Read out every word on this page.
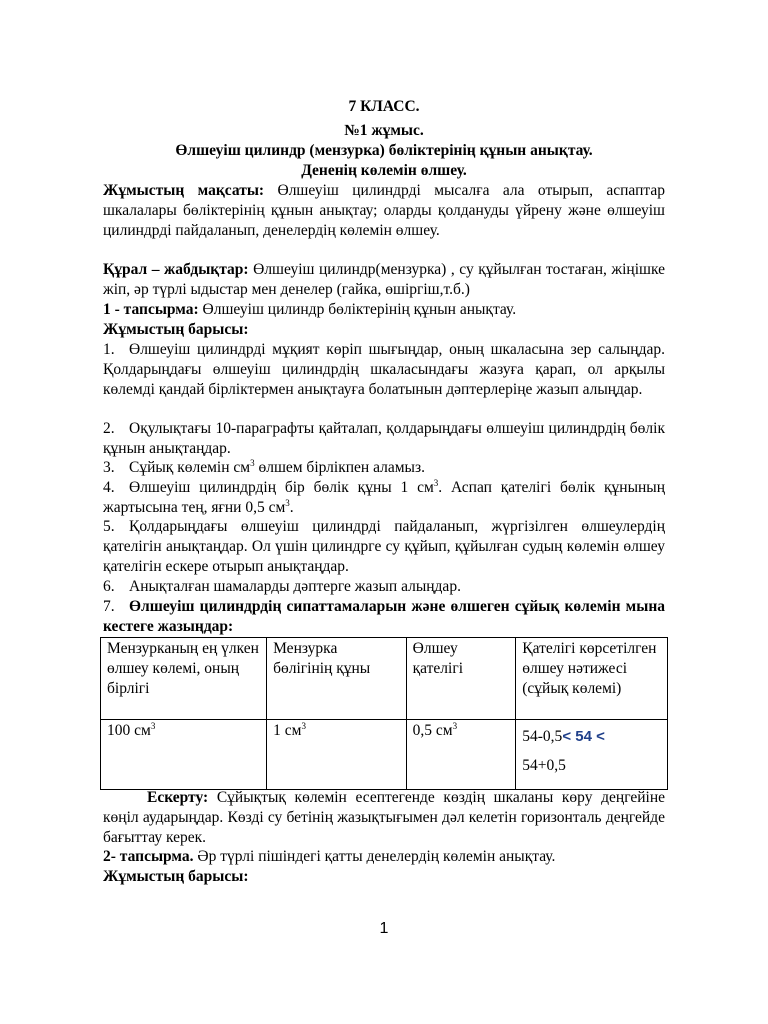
7 КЛАСС.
№1 жұмыс.
Өлшеуіш цилиндр (мензурка) бөліктерінің құнын анықтау.
Дененің көлемін өлшеу.
Жұмыстың мақсаты: Өлшеуіш цилиндрді мысалға ала отырып, аспаптар шкалалары бөліктерінің құнын анықтау; оларды қолдануды үйрену және өлшеуіш цилиндрді пайдаланып, денелердің көлемін өлшеу.
Құрал – жабдықтар: Өлшеуіш цилиндр(мензурка) , су құйылған тостаған, жіңішке жіп, әр түрлі ыдыстар мен денелер (гайка, өшіргіш,т.б.)
1 - тапсырма: Өлшеуіш цилиндр бөліктерінің құнын анықтау.
Жұмыстың барысы:
1. Өлшеуіш цилиндрді мұқият көріп шығыңдар, оның шкаласына зер салыңдар. Қолдарыңдағы өлшеуіш цилиндрдің шкаласындағы жазуға қарап, ол арқылы көлемді қандай бірліктермен анықтауға болатынын дәптерлеріңе жазып алыңдар.
2. Оқулықтағы 10-параграфты қайталап, қолдарыңдағы өлшеуіш цилиндрдің бөлік құнын анықтаңдар.
3. Сұйық көлемін $см^3$ өлшем бірлікпен аламыз.
4. Өлшеуіш цилиндрдің бір бөлік құны 1 $см^3$. Аспап қателігі бөлік құнының жартысына тең, яғни 0,5 $см^3$.
5. Қолдарыңдағы өлшеуіш цилиндрді пайдаланып, жүргізілген өлшеулердің қателігін анықтаңдар. Ол үшін цилиндрге су құйып, құйылған судың көлемін өлшеу қателігін ескере отырып анықтаңдар.
6. Анықталған шамаларды дәптерге жазып алыңдар.
7. Өлшеуіш цилиндрдің сипаттамаларын және өлшеген сұйық көлемін мына кестеге жазыңдар:
Мензурканың ең үлкен өлшеу көлемі, оның бірлігі	Мензурка бөлігінің құны	Өлшеу қателігі	Қателігі көрсетілген өлшеу нәтижесі (сұйық көлемі)
100 $см^3$	1 $см^3$	0,5 $см^3$	54-0,5< 54 <
54+0,5
Ескерту: Сұйықтық көлемін есептегенде көздің шкаланы көру деңгейіне көңіл аударыңдар. Көзді су бетінің жазықтығымен дәл келетін горизонталь деңгейде бағыттау керек.
2- тапсырма. Әр түрлі пішіндегі қатты денелердің көлемін анықтау.
Жұмыстың барысы:
1
